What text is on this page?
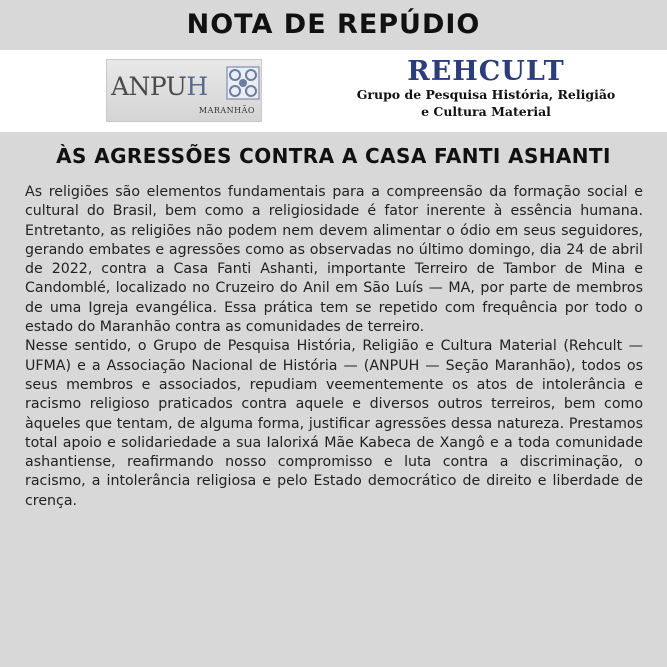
NOTA DE REPÚDIO
ANPUH
MARANHÃO
REHCULT
Grupo de Pesquisa História, Religião
e Cultura Material
ÀS AGRESSÕES CONTRA A CASA FANTI ASHANTI

As religiões são elementos fundamentais para a compreensão da formação social e cultural do Brasil, bem como a religiosidade é fator inerente à essência humana. Entretanto, as religiões não podem nem devem alimentar o ódio em seus seguidores, gerando embates e agressões como as observadas no último domingo, dia 24 de abril de 2022, contra a Casa Fanti Ashanti, importante Terreiro de Tambor de Mina e Candomblé, localizado no Cruzeiro do Anil em São Luís — MA, por parte de membros de uma Igreja evangélica. Essa prática tem se repetido com frequência por todo o estado do Maranhão contra as comunidades de terreiro.

Nesse sentido, o Grupo de Pesquisa História, Religião e Cultura Material (Rehcult — UFMA) e a Associação Nacional de História — (ANPUH — Seção Maranhão), todos os seus membros e associados, repudiam veementemente os atos de intolerância e racismo religioso praticados contra aquele e diversos outros terreiros, bem como àqueles que tentam, de alguma forma, justificar agressões dessa natureza. Prestamos total apoio e solidariedade a sua Ialorixá Mãe Kabeca de Xangô e a toda comunidade ashantiense, reafirmando nosso compromisso e luta contra a discriminação, o racismo, a intolerância religiosa e pelo Estado democrático de direito e liberdade de crença.
